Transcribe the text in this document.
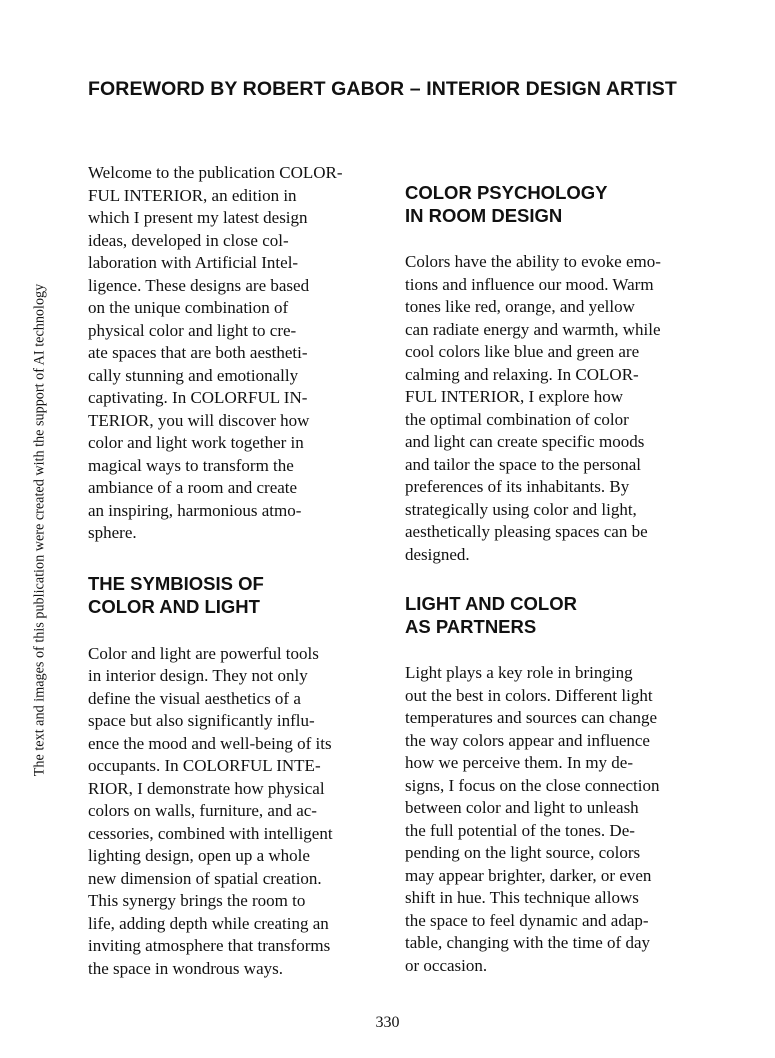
FOREWORD BY ROBERT GABOR – INTERIOR DESIGN ARTIST
The text and images of this publication were created with the support of AI technology

Welcome to the publication COLOR-
FUL INTERIOR, an edition in
which I present my latest design
ideas, developed in close col-
laboration with Artificial Intel-
ligence. These designs are based
on the unique combination of
physical color and light to cre-
ate spaces that are both aestheti-
cally stunning and emotionally
captivating. In COLORFUL IN-
TERIOR, you will discover how
color and light work together in
magical ways to transform the
ambiance of a room and create
an inspiring, harmonious atmo-
sphere.

THE SYMBIOSIS OF
COLOR AND LIGHT

Color and light are powerful tools
in interior design. They not only
define the visual aesthetics of a
space but also significantly influ-
ence the mood and well-being of its
occupants. In COLORFUL INTE-
RIOR, I demonstrate how physical
colors on walls, furniture, and ac-
cessories, combined with intelligent
lighting design, open up a whole
new dimension of spatial creation.
This synergy brings the room to
life, adding depth while creating an
inviting atmosphere that transforms
the space in wondrous ways.

COLOR PSYCHOLOGY
IN ROOM DESIGN

Colors have the ability to evoke emo-
tions and influence our mood. Warm
tones like red, orange, and yellow
can radiate energy and warmth, while
cool colors like blue and green are
calming and relaxing. In COLOR-
FUL INTERIOR, I explore how
the optimal combination of color
and light can create specific moods
and tailor the space to the personal
preferences of its inhabitants. By
strategically using color and light,
aesthetically pleasing spaces can be
designed.

LIGHT AND COLOR
AS PARTNERS

Light plays a key role in bringing
out the best in colors. Different light
temperatures and sources can change
the way colors appear and influence
how we perceive them. In my de-
signs, I focus on the close connection
between color and light to unleash
the full potential of the tones. De-
pending on the light source, colors
may appear brighter, darker, or even
shift in hue. This technique allows
the space to feel dynamic and adap-
table, changing with the time of day
or occasion.

330
